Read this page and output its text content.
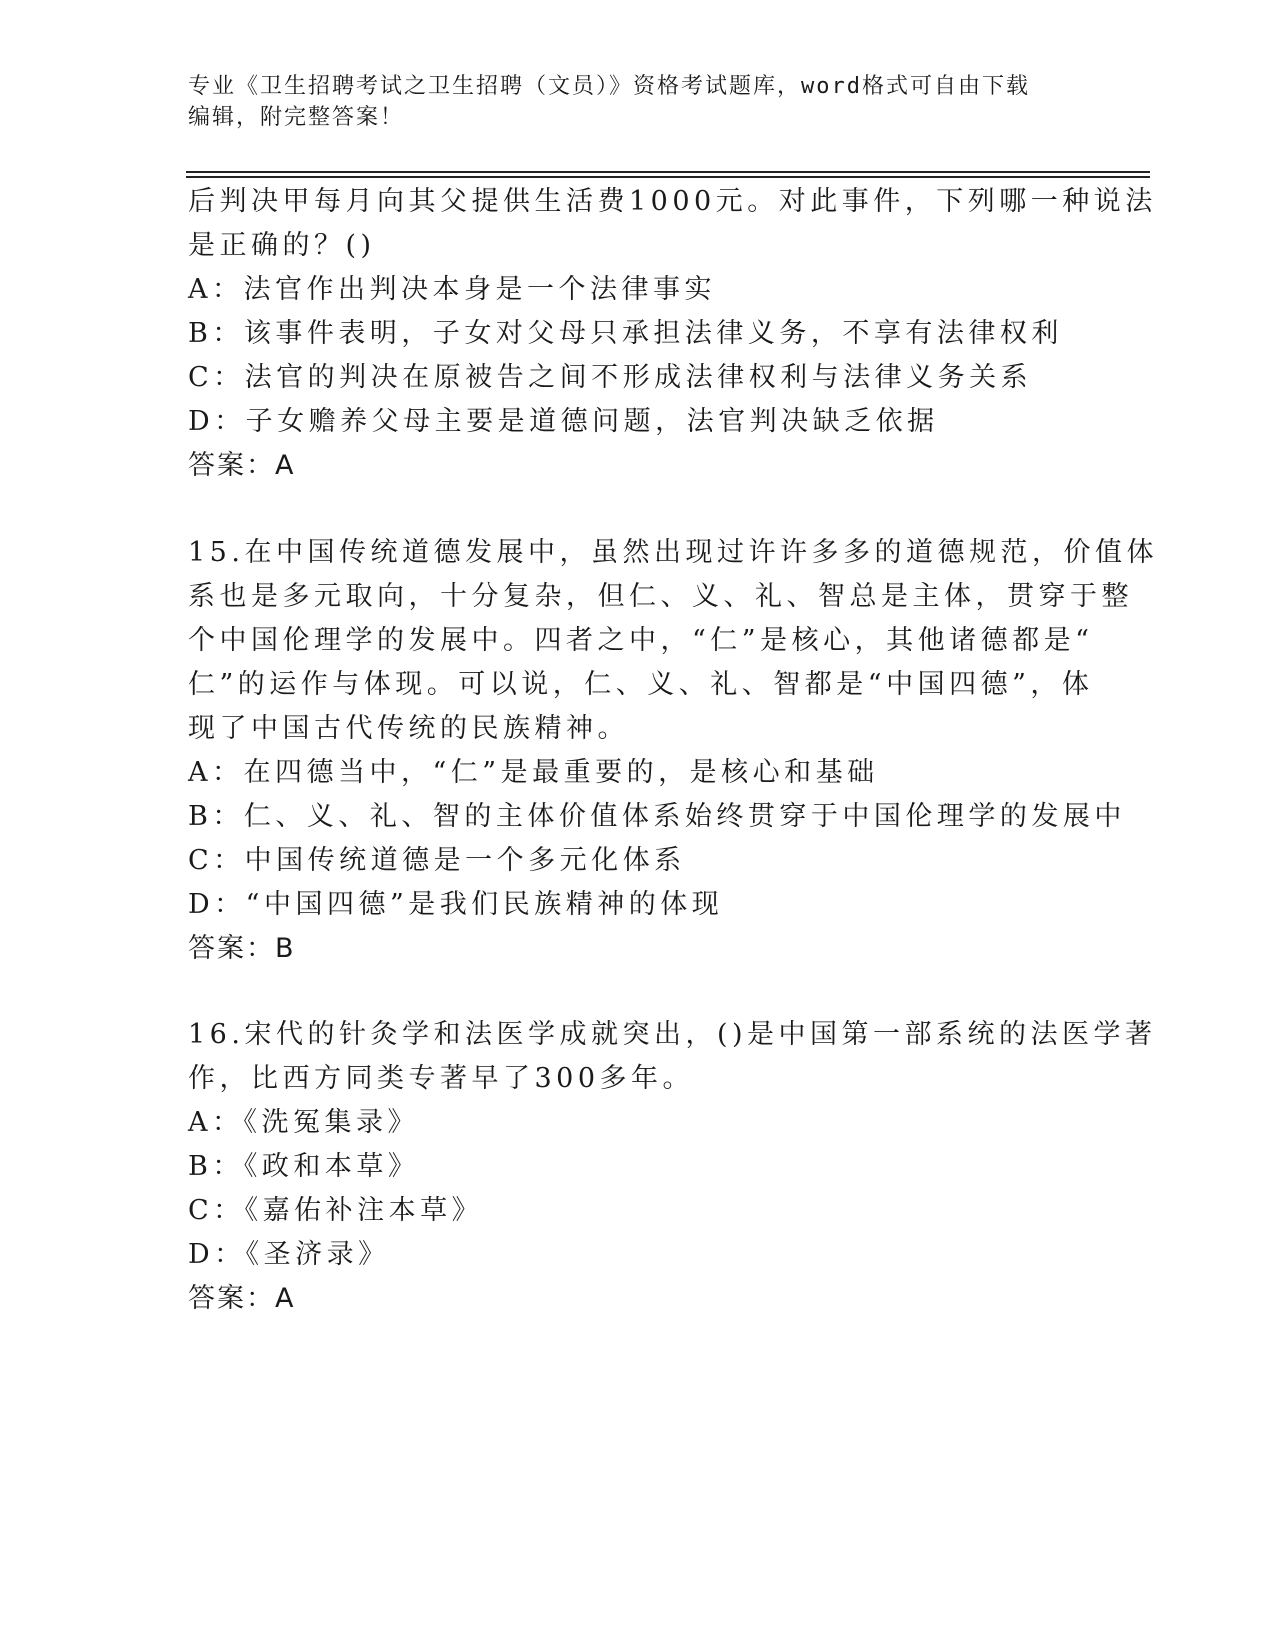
专业《卫生招聘考试之卫生招聘（文员）》资格考试题库，word格式可自由下载
编辑，附完整答案！
后判决甲每月向其父提供生活费1000元。对此事件，下列哪一种说法
是正确的？()
A：法官作出判决本身是一个法律事实
B：该事件表明，子女对父母只承担法律义务，不享有法律权利
C：法官的判决在原被告之间不形成法律权利与法律义务关系
D：子女赡养父母主要是道德问题，法官判决缺乏依据
答案：A
15.在中国传统道德发展中，虽然出现过许许多多的道德规范，价值体
系也是多元取向，十分复杂，但仁、义、礼、智总是主体，贯穿于整
个中国伦理学的发展中。四者之中，“仁”是核心，其他诸德都是“
仁”的运作与体现。可以说，仁、义、礼、智都是“中国四德”，体
现了中国古代传统的民族精神。
A：在四德当中，“仁”是最重要的，是核心和基础
B：仁、义、礼、智的主体价值体系始终贯穿于中国伦理学的发展中
C：中国传统道德是一个多元化体系
D：“中国四德”是我们民族精神的体现
答案：B
16.宋代的针灸学和法医学成就突出，()是中国第一部系统的法医学著
作，比西方同类专著早了300多年。
A：《洗冤集录》
B：《政和本草》
C：《嘉佑补注本草》
D：《圣济录》
答案：A
